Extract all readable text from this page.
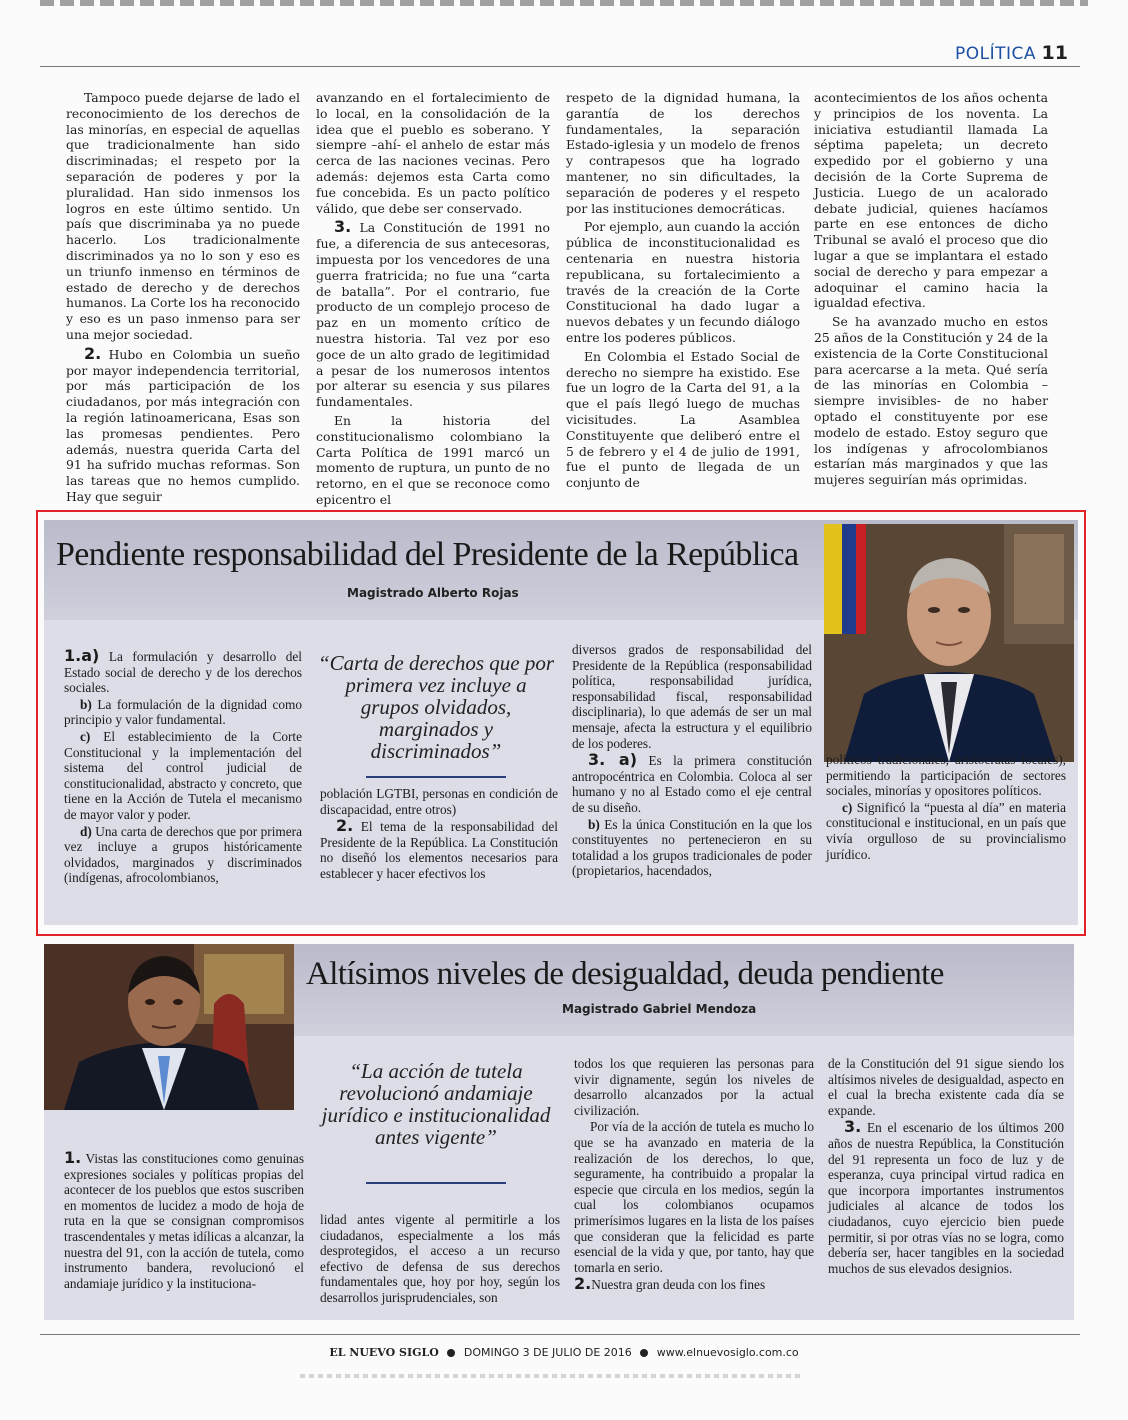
POLÍTICA 11

Tampoco puede dejarse de lado el reconocimiento de los derechos de las minorías, en especial de aquellas que tradicionalmente han sido discriminadas; el respeto por la separación de poderes y por la pluralidad. Han sido inmensos los logros en este último sentido. Un país que discriminaba ya no puede hacerlo. Los tradicionalmente discriminados ya no lo son y eso es un triunfo inmenso en términos de estado de derecho y de derechos humanos. La Corte los ha reconocido y eso es un paso inmenso para ser una mejor sociedad.

2. Hubo en Colombia un sueño por mayor independencia territorial, por más participación de los ciudadanos, por más integración con la región latinoamericana, Esas son las promesas pendientes. Pero además, nuestra querida Carta del 91 ha sufrido muchas reformas. Son las tareas que no hemos cumplido. Hay que seguir

avanzando en el fortalecimiento de lo local, en la consolidación de la idea que el pueblo es soberano. Y siempre –ahí- el anhelo de estar más cerca de las naciones vecinas. Pero además: dejemos esta Carta como fue concebida. Es un pacto político válido, que debe ser conservado.

3. La Constitución de 1991 no fue, a diferencia de sus antecesoras, impuesta por los vencedores de una guerra fratricida; no fue una “carta de batalla”. Por el contrario, fue producto de un complejo proceso de paz en un momento crítico de nuestra historia. Tal vez por eso goce de un alto grado de legitimidad a pesar de los numerosos intentos por alterar su esencia y sus pilares fundamentales.

En la historia del constitucionalismo colombiano la Carta Política de 1991 marcó un momento de ruptura, un punto de no retorno, en el que se reconoce como epicentro el

respeto de la dignidad humana, la garantía de los derechos fundamentales, la separación Estado-iglesia y un modelo de frenos y contrapesos que ha logrado mantener, no sin dificultades, la separación de poderes y el respeto por las instituciones democráticas.

Por ejemplo, aun cuando la acción pública de inconstitucionalidad es centenaria en nuestra historia republicana, su fortalecimiento a través de la creación de la Corte Constitucional ha dado lugar a nuevos debates y un fecundo diálogo entre los poderes públicos.

En Colombia el Estado Social de derecho no siempre ha existido. Ese fue un logro de la Carta del 91, a la que el país llegó luego de muchas vicisitudes. La Asamblea Constituyente que deliberó entre el 5 de febrero y el 4 de julio de 1991, fue el punto de llegada de un conjunto de

acontecimientos de los años ochenta y principios de los noventa. La iniciativa estudiantil llamada La séptima papeleta; un decreto expedido por el gobierno y una decisión de la Corte Suprema de Justicia. Luego de un acalorado debate judicial, quienes hacíamos parte en ese entonces de dicho Tribunal se avaló el proceso que dio lugar a que se implantara el estado social de derecho y para empezar a adoquinar el camino hacia la igualdad efectiva.

Se ha avanzado mucho en estos 25 años de la Constitución y 24 de la existencia de la Corte Constitucional para acercarse a la meta. Qué sería de las minorías en Colombia –siempre invisibles- de no haber optado el constituyente por ese modelo de estado. Estoy seguro que los indígenas y afrocolombianos estarían más marginados y que las mujeres seguirían más oprimidas.

Pendiente responsabilidad del Presidente de la República
Magistrado Alberto Rojas

1.a) La formulación y desarrollo del Estado social de derecho y de los derechos sociales.

b) La formulación de la dignidad como principio y valor fundamental.

c) El establecimiento de la Corte Constitucional y la implementación del sistema del control judicial de constitucionalidad, abstracto y concreto, que tiene en la Acción de Tutela el mecanismo de mayor valor y poder.

d) Una carta de derechos que por primera vez incluye a grupos históricamente olvidados, marginados y discriminados (indígenas, afrocolombianos,

“Carta de derechos que por primera vez incluye a grupos olvidados, marginados y discriminados”

población LGTBI, personas en condición de discapacidad, entre otros)

2. El tema de la responsabilidad del Presidente de la República. La Constitución no diseñó los elementos necesarios para establecer y hacer efectivos los

diversos grados de responsabilidad del Presidente de la República (responsabilidad política, responsabilidad jurídica, responsabilidad fiscal, responsabilidad disciplinaria), lo que además de ser un mal mensaje, afecta la estructura y el equilibrio de los poderes.

3. a) Es la primera constitución antropocéntrica en Colombia. Coloca al ser humano y no al Estado como el eje central de su diseño.

b) Es la única Constitución en la que los constituyentes no pertenecieron en su totalidad a los grupos tradicionales de poder (propietarios, hacendados,

políticos tradicionales, aristócratas locales), permitiendo la participación de sectores sociales, minorías y opositores políticos.

c) Significó la “puesta al día” en materia constitucional e institucional, en un país que vivía orgulloso de su provincialismo jurídico.

Altísimos niveles de desigualdad, deuda pendiente
Magistrado Gabriel Mendoza
“La acción de tutela revolucionó andamiaje jurídico e institucionalidad antes vigente”

1. Vistas las constituciones como genuinas expresiones sociales y políticas propias del acontecer de los pueblos que estos suscriben en momentos de lucidez a modo de hoja de ruta en la que se consignan compromisos trascendentales y metas idílicas a alcanzar, la nuestra del 91, con la acción de tutela, como instrumento bandera, revolucionó el andamiaje jurídico y la instituciona-

lidad antes vigente al permitirle a los ciudadanos, especialmente a los más desprotegidos, el acceso a un recurso efectivo de defensa de sus derechos fundamentales que, hoy por hoy, según los desarrollos jurisprudenciales, son

todos los que requieren las personas para vivir dignamente, según los niveles de desarrollo alcanzados por la actual civilización.

Por vía de la acción de tutela es mucho lo que se ha avanzado en materia de la realización de los derechos, lo que, seguramente, ha contribuido a propalar la especie que circula en los medios, según la cual los colombianos ocupamos primerísimos lugares en la lista de los países que consideran que la felicidad es parte esencial de la vida y que, por tanto, hay que tomarla en serio.

2.Nuestra gran deuda con los fines

de la Constitución del 91 sigue siendo los altísimos niveles de desigualdad, aspecto en el cual la brecha existente cada día se expande.

3. En el escenario de los últimos 200 años de nuestra República, la Constitución del 91 representa un foco de luz y de esperanza, cuya principal virtud radica en que incorpora importantes instrumentos judiciales al alcance de todos los ciudadanos, cuyo ejercicio bien puede permitir, si por otras vías no se logra, como debería ser, hacer tangibles en la sociedad muchos de sus elevados designios.

EL NUEVO SIGLO DOMINGO 3 DE JULIO DE 2016 www.elnuevosiglo.com.co
